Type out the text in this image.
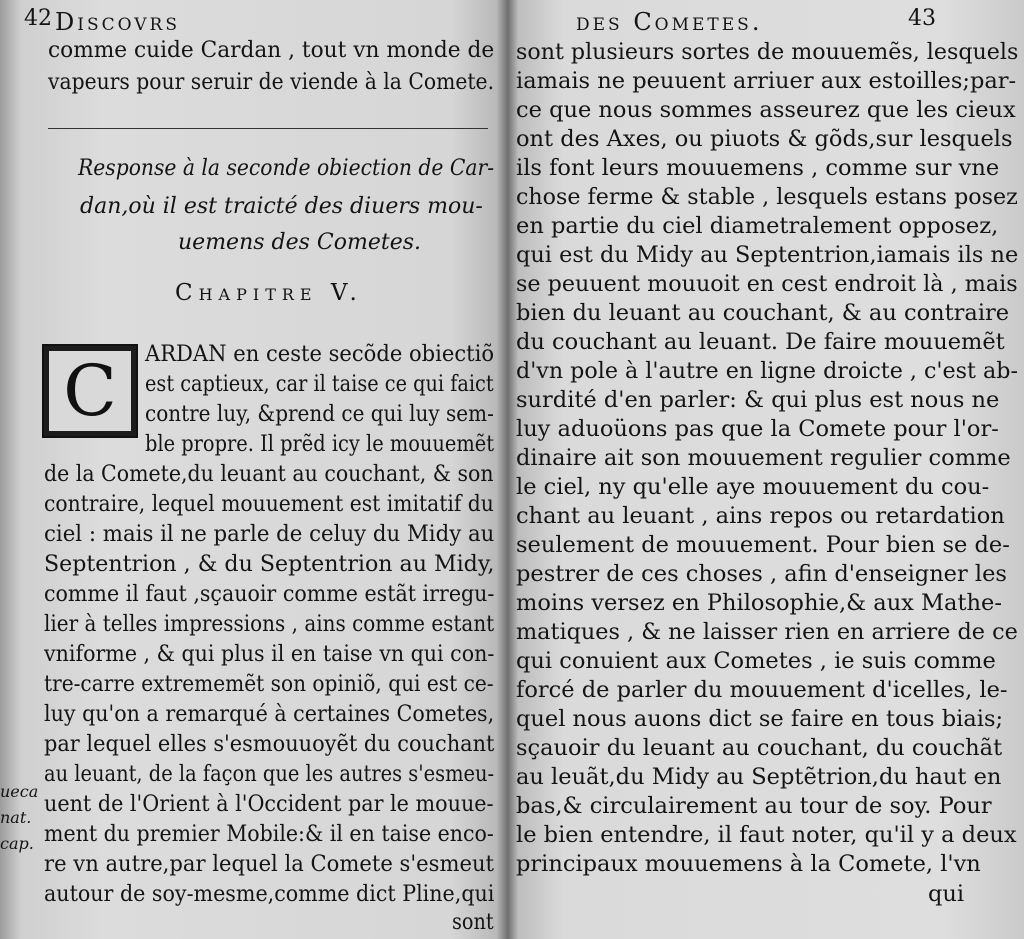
42 Discovrs
comme cuide Cardan , tout vn monde de
vapeurs pour seruir de viende à la Comete.
Response à la seconde obiection de Car-
dan,où il est traicté des diuers mou-
uemens des Cometes.
Chapitre V.
C	ARDAN en ceste secõde obiectiõ
est captieux, car il taise ce qui faict
contre luy, &prend ce qui luy sem-
ble propre. Il prẽd icy le mouuemẽt
de la Comete,du leuant au couchant, & son
contraire, lequel mouuement est imitatif du
ciel : mais il ne parle de celuy du Midy au
Septentrion , & du Septentrion au Midy,
comme il faut ,sçauoir comme estãt irregu-
lier à telles impressions , ains comme estant
vniforme , & qui plus il en taise vn qui con-
tre-carre extrememẽt son opiniõ, qui est ce-
luy qu'on a remarqué à certaines Cometes,
par lequel elles s'esmouuoyẽt du couchant
au leuant, de la façon que les autres s'esmeu-
uent de l'Orient à l'Occident par le mouue-
ment du premier Mobile:& il en taise enco-
re vn autre,par lequel la Comete s'esmeut
autour de soy-mesme,comme dict Pline,qui
sont
ueca
nat.
cap.
des Cometes.	43
sont plusieurs sortes de mouuemẽs, lesquels
iamais ne peuuent arriuer aux estoilles;par-
ce que nous sommes asseurez que les cieux
ont des Axes, ou piuots & gõds,sur lesquels
ils font leurs mouuemens , comme sur vne
chose ferme & stable , lesquels estans posez
en partie du ciel diametralement opposez,
qui est du Midy au Septentrion,iamais ils ne
se peuuent mouuoit en cest endroit là , mais
bien du leuant au couchant, & au contraire
du couchant au leuant. De faire mouuemẽt
d'vn pole à l'autre en ligne droicte , c'est ab-
surdité d'en parler: & qui plus est nous ne
luy aduoüons pas que la Comete pour l'or-
dinaire ait son mouuement regulier comme
le ciel, ny qu'elle aye mouuement du cou-
chant au leuant , ains repos ou retardation
seulement de mouuement. Pour bien se de-
pestrer de ces choses , afin d'enseigner les
moins versez en Philosophie,& aux Mathe-
matiques , & ne laisser rien en arriere de ce
qui conuient aux Cometes , ie suis comme
forcé de parler du mouuement d'icelles, le-
quel nous auons dict se faire en tous biais;
sçauoir du leuant au couchant, du couchãt
au leuãt,du Midy au Septẽtrion,du haut en
bas,& circulairement au tour de soy. Pour
le bien entendre, il faut noter, qu'il y a deux
principaux mouuemens à la Comete, l'vn
qui
